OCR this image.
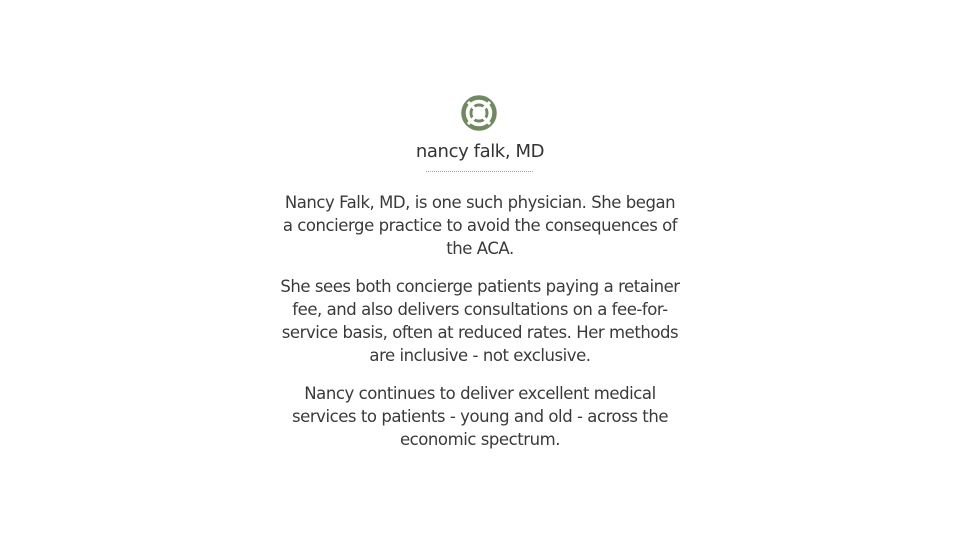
nancy falk, MD

Nancy Falk, MD, is one such physician. She began a concierge practice to avoid the consequences of the ACA.

She sees both concierge patients paying a retainer fee, and also delivers consultations on a fee-for-service basis, often at reduced rates. Her methods are inclusive - not exclusive.

Nancy continues to deliver excellent medical services to patients - young and old - across the economic spectrum.
